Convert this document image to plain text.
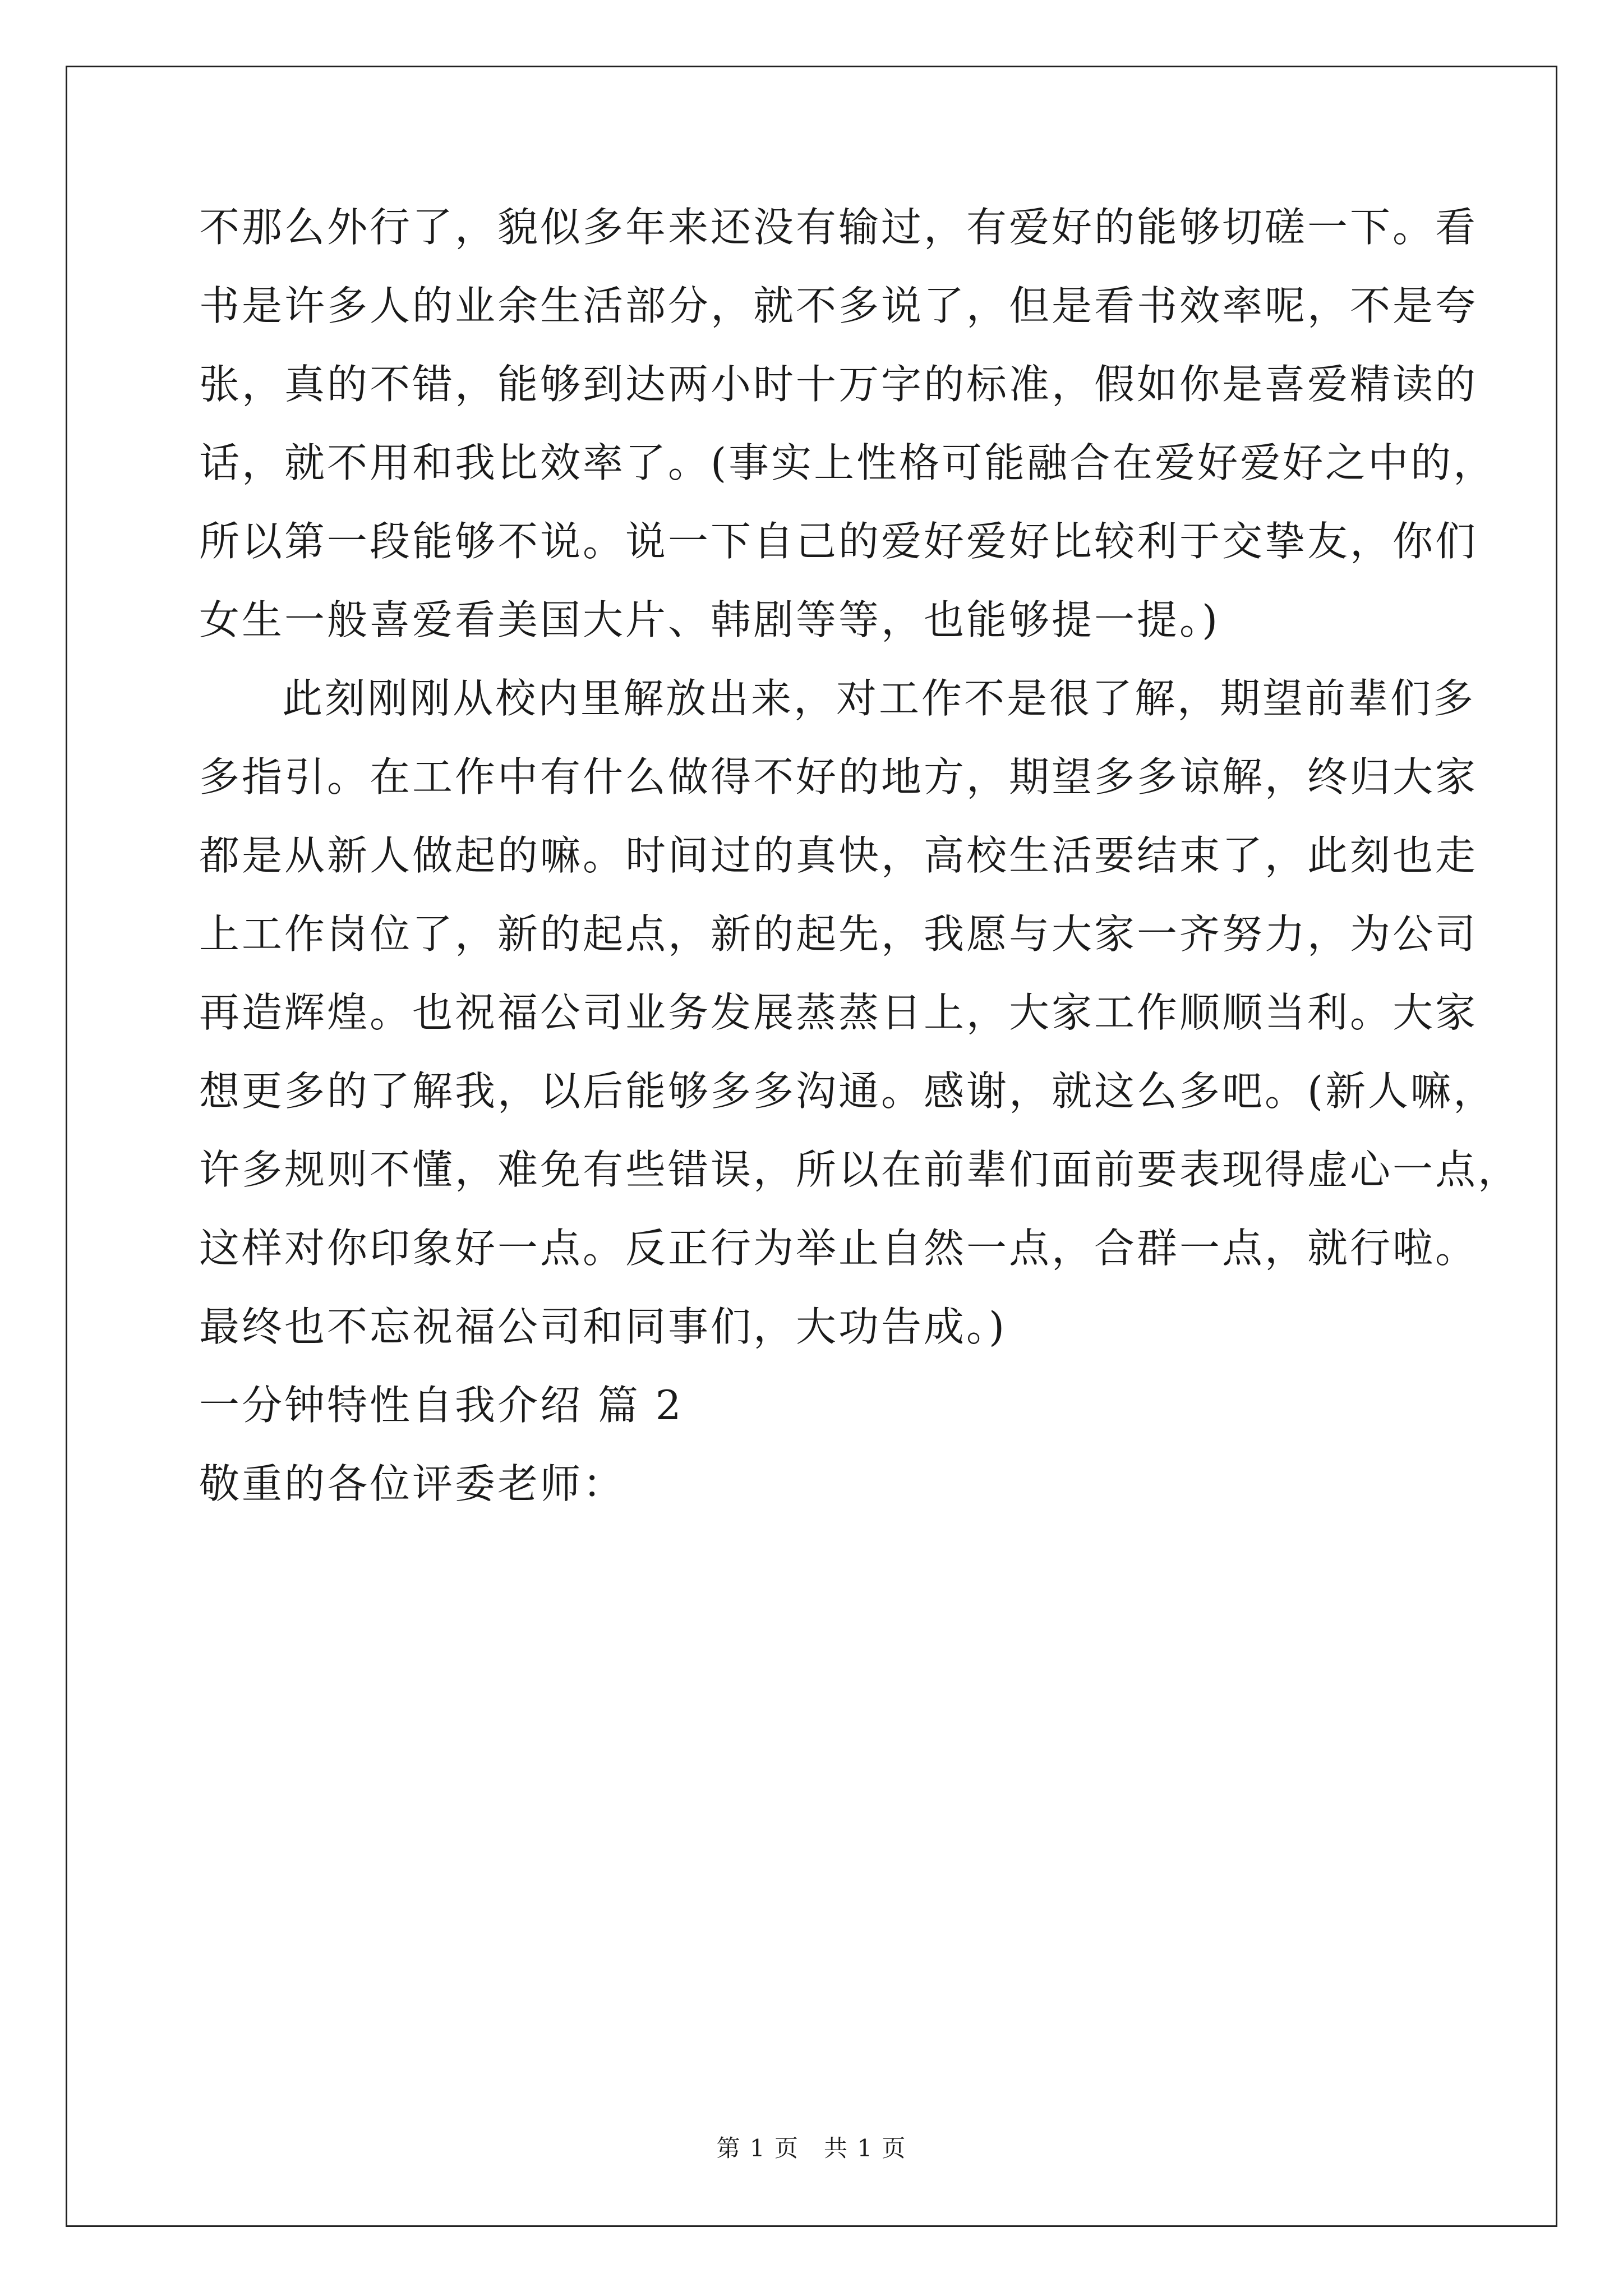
不那么外行了，貌似多年来还没有输过，有爱好的能够切磋一下。看
书是许多人的业余生活部分，就不多说了，但是看书效率呢，不是夸
张，真的不错，能够到达两小时十万字的标准，假如你是喜爱精读的
话，就不用和我比效率了。(事实上性格可能融合在爱好爱好之中的，
所以第一段能够不说。说一下自己的爱好爱好比较利于交挚友，你们
女生一般喜爱看美国大片、韩剧等等，也能够提一提。)
此刻刚刚从校内里解放出来，对工作不是很了解，期望前辈们多
多指引。在工作中有什么做得不好的地方，期望多多谅解，终归大家
都是从新人做起的嘛。时间过的真快，高校生活要结束了，此刻也走
上工作岗位了，新的起点，新的起先，我愿与大家一齐努力，为公司
再造辉煌。也祝福公司业务发展蒸蒸日上，大家工作顺顺当利。大家
想更多的了解我，以后能够多多沟通。感谢，就这么多吧。(新人嘛，
许多规则不懂，难免有些错误，所以在前辈们面前要表现得虚心一点，
这样对你印象好一点。反正行为举止自然一点，合群一点，就行啦。
最终也不忘祝福公司和同事们，大功告成。)
一分钟特性自我介绍 篇 2
敬重的各位评委老师：
第 1 页　共 1 页
